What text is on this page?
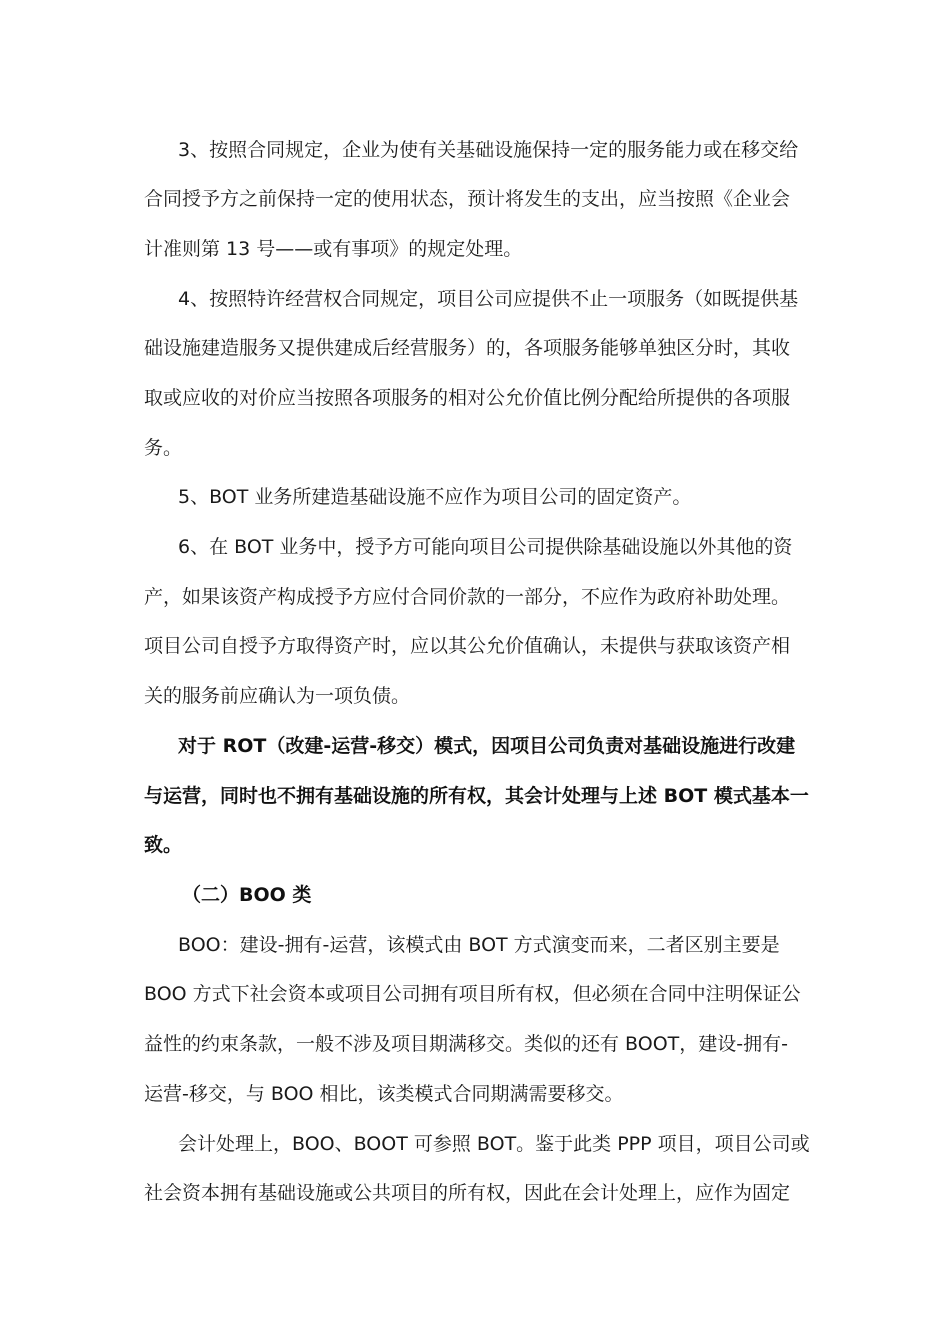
3、按照合同规定，企业为使有关基础设施保持一定的服务能力或在移交给
合同授予方之前保持一定的使用状态，预计将发生的支出，应当按照《企业会
计准则第 13 号——或有事项》的规定处理。
4、按照特许经营权合同规定，项目公司应提供不止一项服务（如既提供基
础设施建造服务又提供建成后经营服务）的，各项服务能够单独区分时，其收
取或应收的对价应当按照各项服务的相对公允价值比例分配给所提供的各项服
务。
5、BOT 业务所建造基础设施不应作为项目公司的固定资产。
6、在 BOT 业务中，授予方可能向项目公司提供除基础设施以外其他的资
产，如果该资产构成授予方应付合同价款的一部分，不应作为政府补助处理。
项目公司自授予方取得资产时，应以其公允价值确认，未提供与获取该资产相
关的服务前应确认为一项负债。
对于 ROT（改建-运营-移交）模式，因项目公司负责对基础设施进行改建
与运营，同时也不拥有基础设施的所有权，其会计处理与上述 BOT 模式基本一
致。
（二）BOO 类
BOO：建设-拥有-运营，该模式由 BOT 方式演变而来，二者区别主要是
BOO 方式下社会资本或项目公司拥有项目所有权，但必须在合同中注明保证公
益性的约束条款，一般不涉及项目期满移交。类似的还有 BOOT，建设-拥有-
运营-移交，与 BOO 相比，该类模式合同期满需要移交。
会计处理上，BOO、BOOT 可参照 BOT。鉴于此类 PPP 项目，项目公司或
社会资本拥有基础设施或公共项目的所有权，因此在会计处理上，应作为固定
